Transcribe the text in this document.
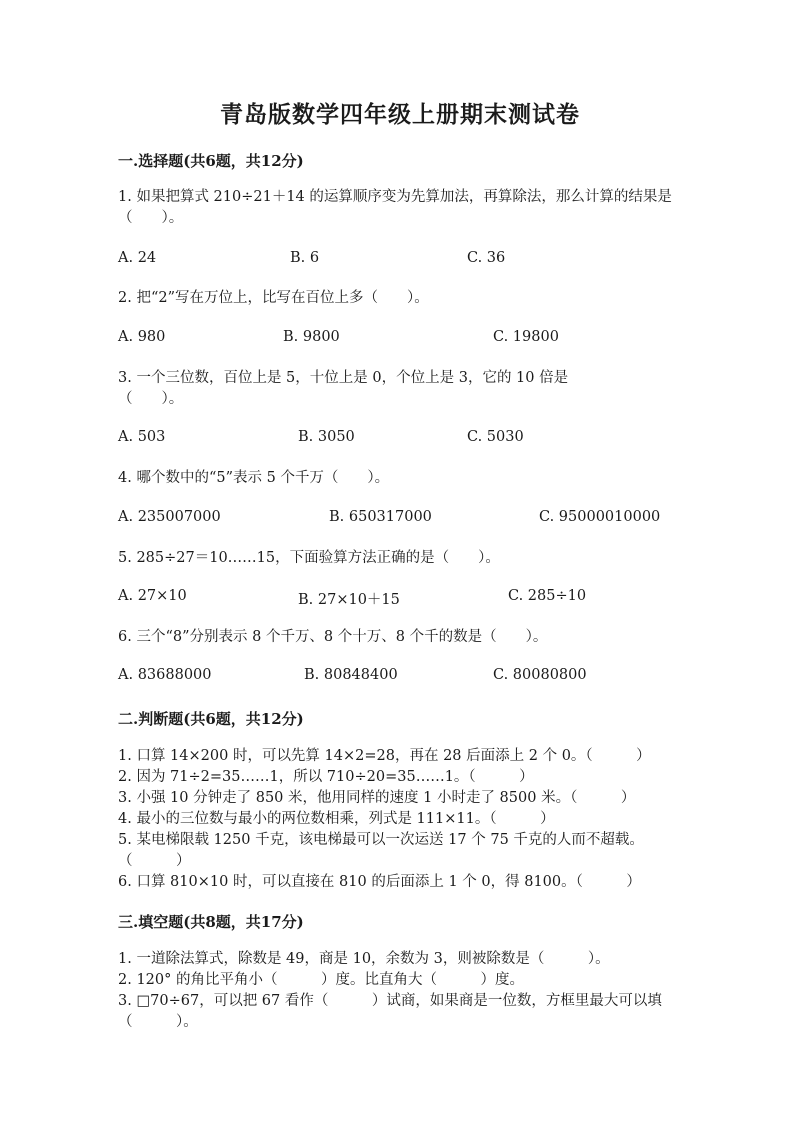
青岛版数学四年级上册期末测试卷
一.选择题(共6题，共12分)
1. 如果把算式 210÷21＋14 的运算顺序变为先算加法，再算除法，那么计算的结果是（　　）。
A. 24	B. 6	C. 36
2. 把“2”写在万位上，比写在百位上多（　　）。
A. 980	B. 9800	C. 19800
3. 一个三位数，百位上是 5，十位上是 0，个位上是 3，它的 10 倍是（　　）。
A. 503	B. 3050	C. 5030
4. 哪个数中的“5”表示 5 个千万（　　）。
A. 235007000	B. 650317000	C. 95000010000
5. 285÷27＝10……15，下面验算方法正确的是（　　）。
A. 27×10	B. 27×10＋15	C. 285÷10
6. 三个“8”分别表示 8 个千万、8 个十万、8 个千的数是（　　）。
A. 83688000	B. 80848400	C. 80080800
二.判断题(共6题，共12分)
1. 口算 14×200 时，可以先算 14×2=28，再在 28 后面添上 2 个 0。（　　　）
2. 因为 71÷2=35……1，所以 710÷20=35……1。（　　　）
3. 小强 10 分钟走了 850 米，他用同样的速度 1 小时走了 8500 米。（　　　）
4. 最小的三位数与最小的两位数相乘，列式是 111×11。（　　　）
5. 某电梯限载 1250 千克，该电梯最可以一次运送 17 个 75 千克的人而不超载。（　　　）
6. 口算 810×10 时，可以直接在 810 的后面添上 1 个 0，得 8100。（　　　）
三.填空题(共8题，共17分)
1. 一道除法算式，除数是 49，商是 10，余数为 3，则被除数是（　　　）。
2. 120° 的角比平角小（　　　）度。比直角大（　　　）度。
3. □70÷67，可以把 67 看作（　　　）试商，如果商是一位数，方框里最大可以填（　　　）。
